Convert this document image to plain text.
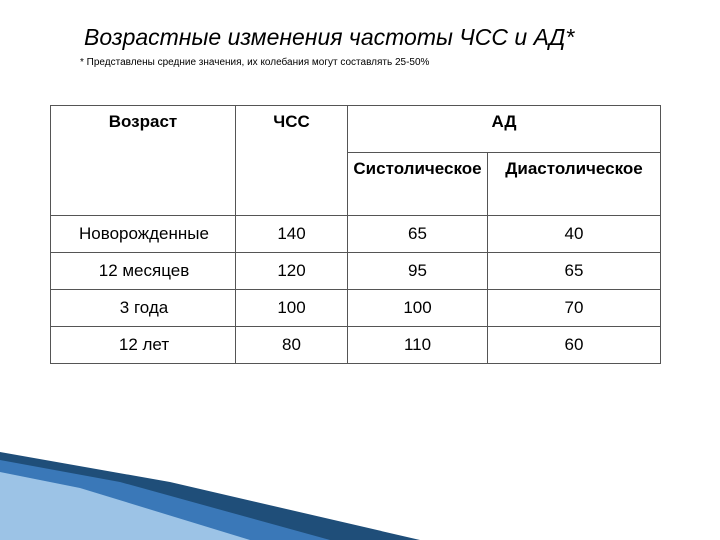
Возрастные изменения частоты ЧСС и АД*
* Представлены средние значения, их колебания могут составлять 25-50%
Возраст	ЧСС	АД	
		Систолическое	Диастолическое
Новорожденные	140	65	40
12 месяцев	120	95	65
3 года	100	100	70
12 лет	80	110	60
